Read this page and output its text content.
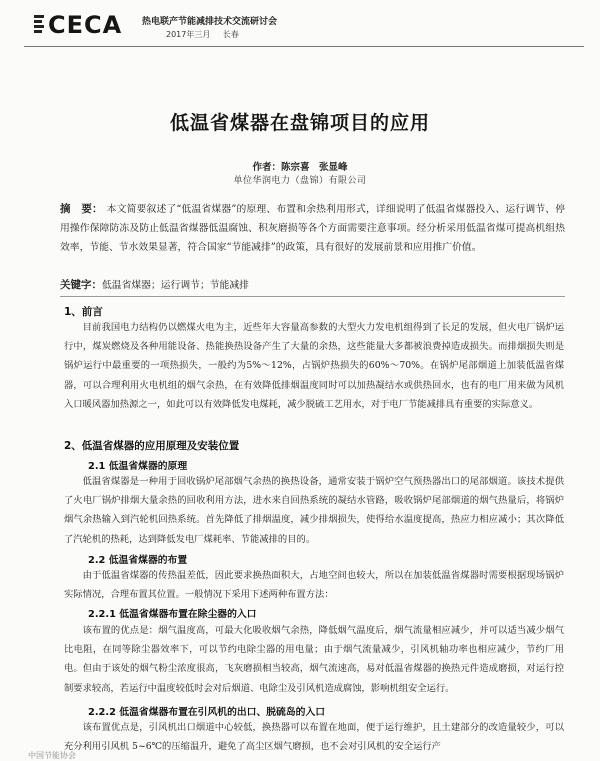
CECA 热电联产节能减排技术交流研讨会
2017年三月 长春
低温省煤器在盘锦项目的应用
作者：陈宗喜　张显峰
单位华润电力（盘锦）有限公司
摘　要： 本文简要叙述了“低温省煤器”的原理、布置和余热利用形式，详细说明了低温省煤器投入、运行调节、停用操作保障防冻及防止低温省煤器低温腐蚀、积灰磨损等各个方面需要注意事项。经分析采用低温省煤可提高机组热效率，节能、节水效果显著，符合国家“节能减排”的政策，具有很好的发展前景和应用推广价值。
关键字：低温省煤器；运行调节；节能减排
1、前言
目前我国电力结构仍以燃煤火电为主，近些年大容量高参数的大型火力发电机组得到了长足的发展，但火电厂锅炉运行中，煤炭燃烧及各种用能设备、热能换热设备产生了大量的余热，这些能量大多都被浪费掉造成损失。而排烟损失则是锅炉运行中最重要的一项热损失，一般约为5%～12%，占锅炉热损失的60%～70%。在锅炉尾部烟道上加装低温省煤器，可以合理利用火电机组的烟气余热，在有效降低排烟温度同时可以加热凝结水或供热回水，也有的电厂用来做为风机入口暖风器加热源之一，如此可以有效降低发电煤耗，减少脱硫工艺用水，对于电厂节能减排具有重要的实际意义。
2、低温省煤器的应用原理及安装位置
2.1 低温省煤器的原理
低温省煤器是一种用于回收锅炉尾部烟气余热的换热设备，通常安装于锅炉空气预热器出口的尾部烟道。该技术提供了火电厂锅炉排烟大量余热的回收利用方法，进水来自回热系统的凝结水管路，吸收锅炉尾部烟道的烟气热量后，将锅炉烟气余热输入到汽轮机回热系统。首先降低了排烟温度，减少排烟损失，使得给水温度提高，热应力相应减小；其次降低了汽轮机的热耗，达到降低发电厂煤耗率、节能减排的目的。
2.2 低温省煤器的布置
由于低温省煤器的传热温差低，因此要求换热面积大，占地空间也较大，所以在加装低温省煤器时需要根据现场锅炉实际情况，合理布置其位置。一般情况下采用下述两种布置方法：
2.2.1 低温省煤器布置在除尘器的入口
该布置的优点是：烟气温度高，可最大化吸收烟气余热，降低烟气温度后，烟气流量相应减少，并可以适当减少烟气比电阻，在同等除尘器效率下，可以节约电除尘器的用电量；由于烟气流量减少，引风机轴功率也相应减少，节约厂用电。但由于该处的烟气粉尘浓度很高，飞灰磨损相当较高，烟气流速高，易对低温省煤器的换热元件造成磨损，对运行控制要求较高，若运行中温度较低时会对后烟道、电除尘及引风机造成腐蚀，影响机组安全运行。
2.2.2 低温省煤器布置在引风机的出口、脱硫岛的入口
该布置优点是，引风机出口烟道中心较低，换热器可以布置在地面，便于运行维护，且土建部分的改造量较少，可以充分利用引风机 5~6℃的压缩温升，避免了高尘区烟气磨损，也不会对引风机的安全运行产
中国节能协会
